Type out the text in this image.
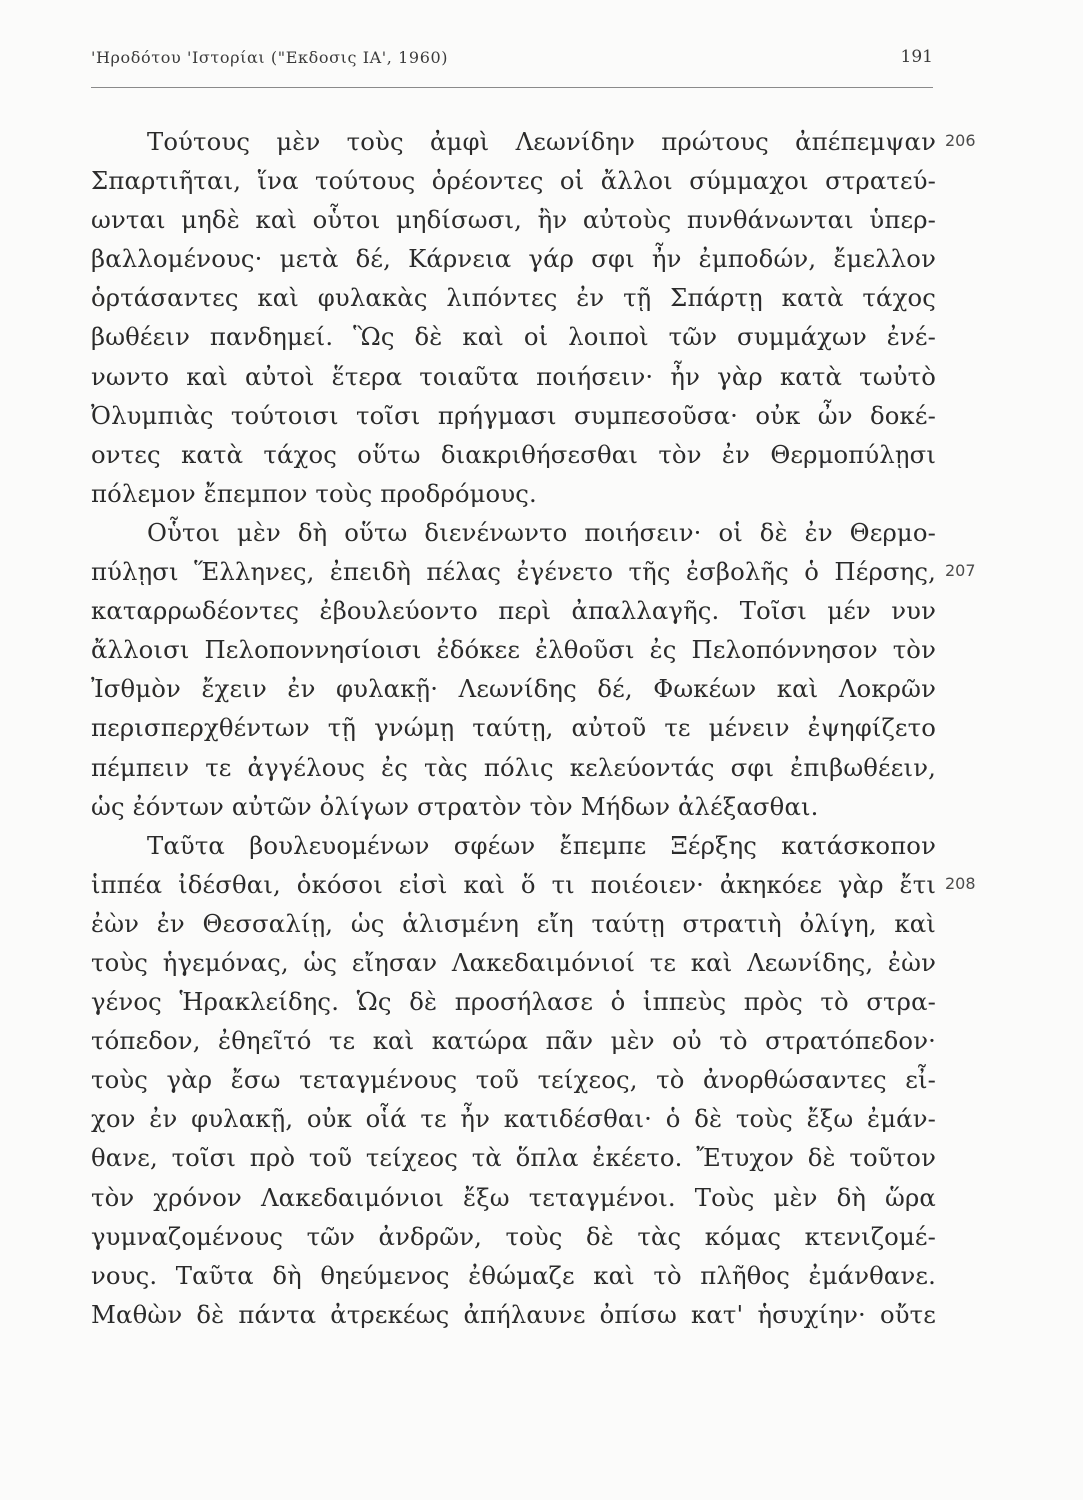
'Ηροδότου 'Ιστορίαι ("Εκδοσις ΙΑ', 1960)	191
206
207
208
Τούτους μὲν τοὺς ἀμφὶ Λεωνίδην πρώτους ἀπέπεμψαν
Σπαρτιῆται, ἵνα τούτους ὁρέοντες οἱ ἄλλοι σύμμαχοι στρατεύ-
ωνται μηδὲ καὶ οὗτοι μηδίσωσι, ἢν αὐτοὺς πυνθάνωνται ὑπερ-
βαλλομένους· μετὰ δέ, Κάρνεια γάρ σφι ἦν ἐμποδών, ἔμελλον
ὁρτάσαντες καὶ φυλακὰς λιπόντες ἐν τῇ Σπάρτῃ κατὰ τάχος
βωθέειν πανδημεί. Ὣς δὲ καὶ οἱ λοιποὶ τῶν συμμάχων ἐνέ-
νωντο καὶ αὐτοὶ ἕτερα τοιαῦτα ποιήσειν· ἦν γὰρ κατὰ τωὐτὸ
Ὀλυμπιὰς τούτοισι τοῖσι πρήγμασι συμπεσοῦσα· οὐκ ὦν δοκέ-
οντες κατὰ τάχος οὕτω διακριθήσεσθαι τὸν ἐν Θερμοπύλῃσι
πόλεμον ἔπεμπον τοὺς προδρόμους.
Οὗτοι μὲν δὴ οὕτω διενένωντο ποιήσειν· οἱ δὲ ἐν Θερμο-
πύλῃσι Ἕλληνες, ἐπειδὴ πέλας ἐγένετο τῆς ἐσβολῆς ὁ Πέρσης,
καταρρωδέοντες ἐβουλεύοντο περὶ ἀπαλλαγῆς. Τοῖσι μέν νυν
ἄλλοισι Πελοποννησίοισι ἐδόκεε ἐλθοῦσι ἐς Πελοπόννησον τὸν
Ἰσθμὸν ἔχειν ἐν φυλακῇ· Λεωνίδης δέ, Φωκέων καὶ Λοκρῶν
περισπερχθέντων τῇ γνώμῃ ταύτῃ, αὐτοῦ τε μένειν ἐψηφίζετο
πέμπειν τε ἀγγέλους ἐς τὰς πόλις κελεύοντάς σφι ἐπιβωθέειν,
ὡς ἐόντων αὐτῶν ὀλίγων στρατὸν τὸν Μήδων ἀλέξασθαι.
Ταῦτα βουλευομένων σφέων ἔπεμπε Ξέρξης κατάσκοπον
ἱππέα ἰδέσθαι, ὁκόσοι εἰσὶ καὶ ὅ τι ποιέοιεν· ἀκηκόεε γὰρ ἔτι
ἐὼν ἐν Θεσσαλίῃ, ὡς ἁλισμένη εἴη ταύτῃ στρατιὴ ὀλίγη, καὶ
τοὺς ἡγεμόνας, ὡς εἴησαν Λακεδαιμόνιοί τε καὶ Λεωνίδης, ἐὼν
γένος Ἡρακλείδης. Ὡς δὲ προσήλασε ὁ ἱππεὺς πρὸς τὸ στρα-
τόπεδον, ἐθηεῖτό τε καὶ κατώρα πᾶν μὲν οὐ τὸ στρατόπεδον·
τοὺς γὰρ ἔσω τεταγμένους τοῦ τείχεος, τὸ ἀνορθώσαντες εἶ-
χον ἐν φυλακῇ, οὐκ οἷά τε ἦν κατιδέσθαι· ὁ δὲ τοὺς ἔξω ἐμάν-
θανε, τοῖσι πρὸ τοῦ τείχεος τὰ ὅπλα ἐκέετο. Ἔτυχον δὲ τοῦτον
τὸν χρόνον Λακεδαιμόνιοι ἔξω τεταγμένοι. Τοὺς μὲν δὴ ὥρα
γυμναζομένους τῶν ἀνδρῶν, τοὺς δὲ τὰς κόμας κτενιζομέ-
νους. Ταῦτα δὴ θηεύμενος ἐθώμαζε καὶ τὸ πλῆθος ἐμάνθανε.
Μαθὼν δὲ πάντα ἀτρεκέως ἀπήλαυνε ὀπίσω κατ' ἡσυχίην· οὔτε
